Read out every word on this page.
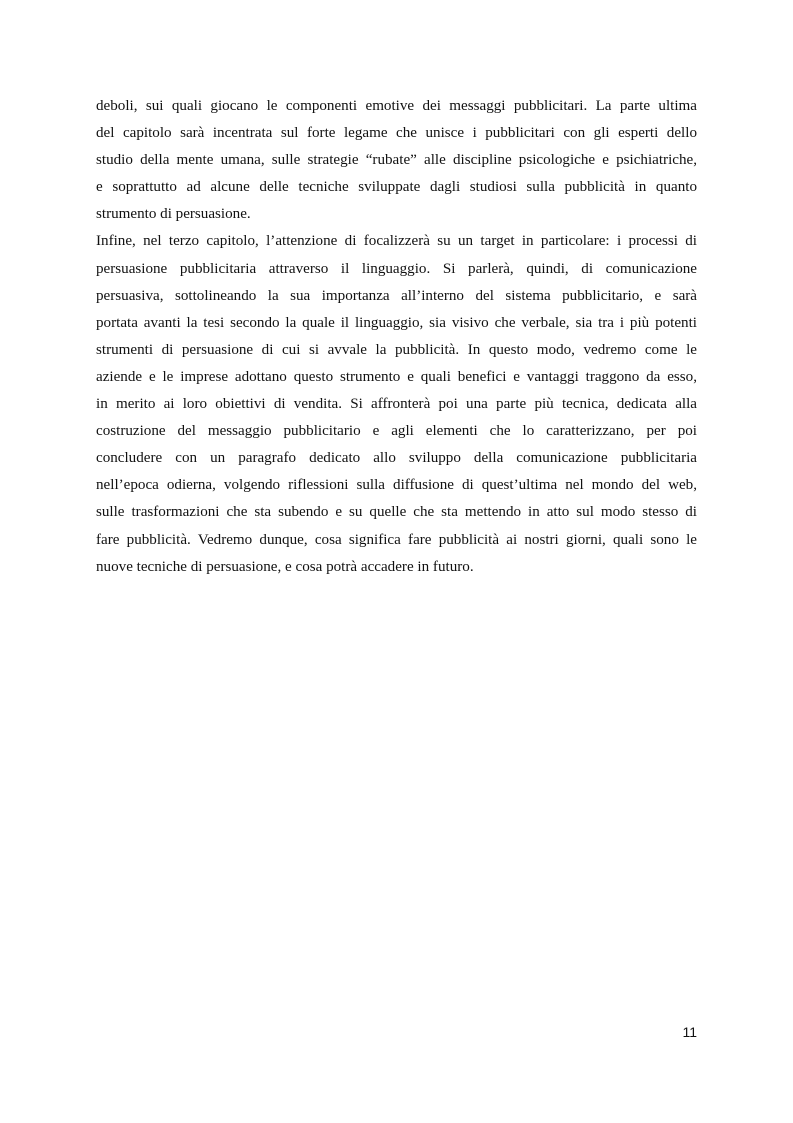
deboli, sui quali giocano le componenti emotive dei messaggi pubblicitari. La parte ultima
del capitolo sarà incentrata sul forte legame che unisce i pubblicitari con gli esperti dello
studio della mente umana, sulle strategie “rubate” alle discipline psicologiche e psichiatriche,
e soprattutto ad alcune delle tecniche sviluppate dagli studiosi sulla pubblicità in quanto
strumento di persuasione.
Infine, nel terzo capitolo, l’attenzione di focalizzerà su un target in particolare: i processi di
persuasione pubblicitaria attraverso il linguaggio. Si parlerà, quindi, di comunicazione
persuasiva, sottolineando la sua importanza all’interno del sistema pubblicitario, e sarà
portata avanti la tesi secondo la quale il linguaggio, sia visivo che verbale, sia tra i più potenti
strumenti di persuasione di cui si avvale la pubblicità. In questo modo, vedremo come le
aziende e le imprese adottano questo strumento e quali benefici e vantaggi traggono da esso,
in merito ai loro obiettivi di vendita. Si affronterà poi una parte più tecnica, dedicata alla
costruzione del messaggio pubblicitario e agli elementi che lo caratterizzano, per poi
concludere con un paragrafo dedicato allo sviluppo della comunicazione pubblicitaria
nell’epoca odierna, volgendo riflessioni sulla diffusione di quest’ultima nel mondo del web,
sulle trasformazioni che sta subendo e su quelle che sta mettendo in atto sul modo stesso di
fare pubblicità. Vedremo dunque, cosa significa fare pubblicità ai nostri giorni, quali sono le
nuove tecniche di persuasione, e cosa potrà accadere in futuro.
11
